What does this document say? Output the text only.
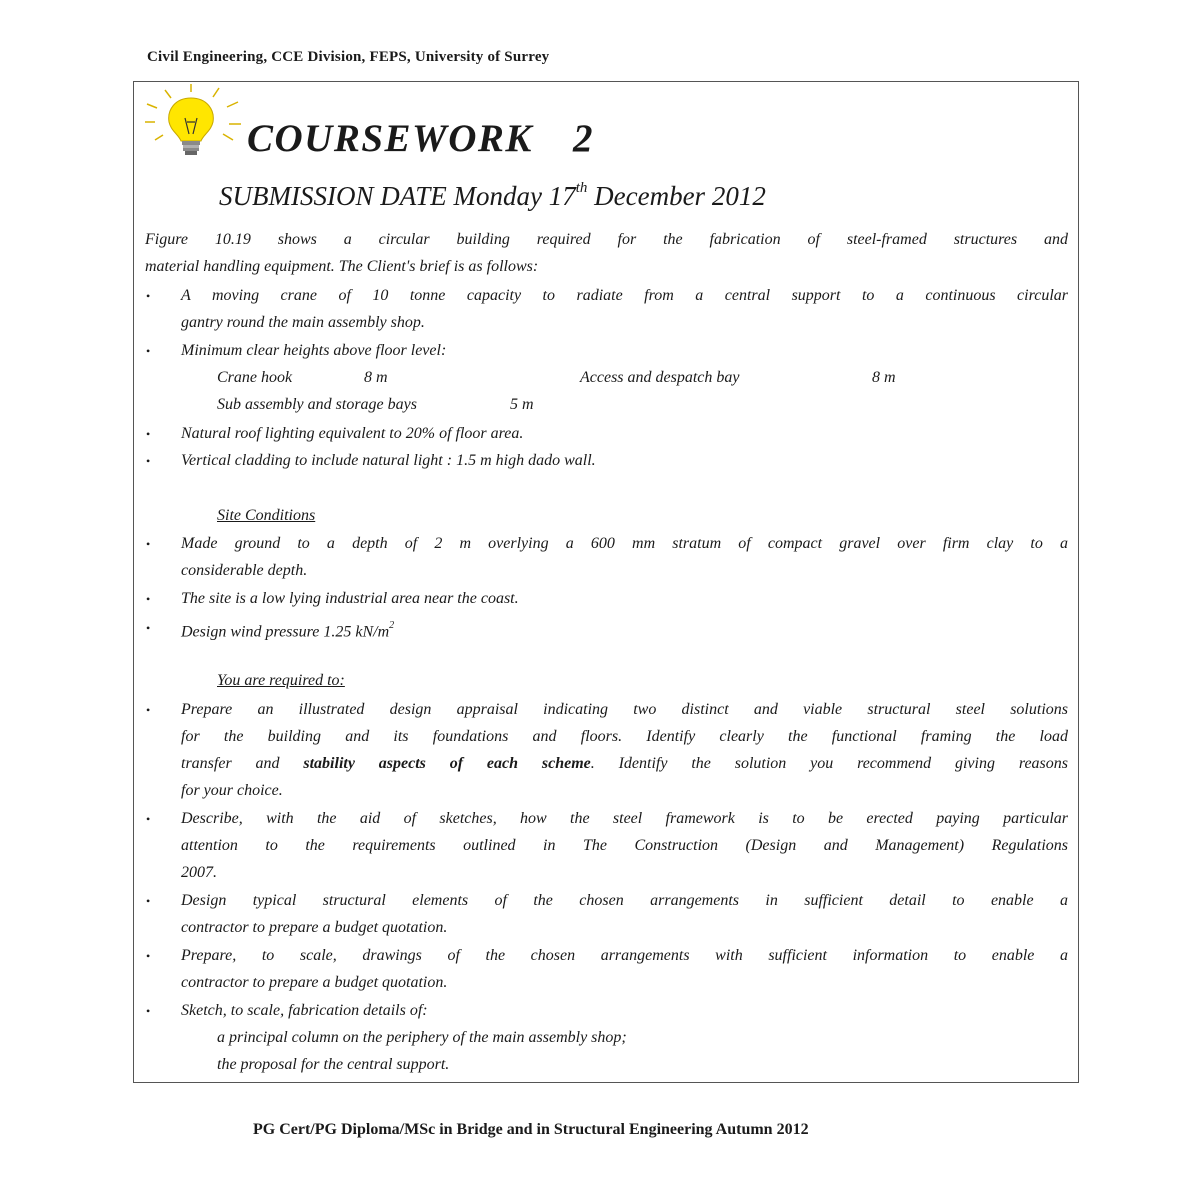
Civil Engineering, CCE Division, FEPS, University of Surrey
COURSEWORK 2
SUBMISSION DATE Monday 17th December 2012
Figure 10.19 shows a circular building required for the fabrication of steel-framed structures and
material handling equipment. The Client's brief is as follows:
• A moving crane of 10 tonne capacity to radiate from a central support to a continuous circular
gantry round the main assembly shop.
• Minimum clear heights above floor level:
Crane hook	8 m	Access and despatch bay	8 m
Sub assembly and storage bays	5 m
• Natural roof lighting equivalent to 20% of floor area.
• Vertical cladding to include natural light : 1.5 m high dado wall.
Site Conditions
• Made ground to a depth of 2 m overlying a 600 mm stratum of compact gravel over firm clay to a
considerable depth.
• The site is a low lying industrial area near the coast.
• Design wind pressure 1.25 $kN/m^2$
You are required to:
• Prepare an illustrated design appraisal indicating two distinct and viable structural steel solutions
for the building and its foundations and floors. Identify clearly the functional framing the load
transfer and stability aspects of each scheme. Identify the solution you recommend giving reasons
for your choice.
• Describe, with the aid of sketches, how the steel framework is to be erected paying particular
attention to the requirements outlined in The Construction (Design and Management) Regulations
2007.
• Design typical structural elements of the chosen arrangements in sufficient detail to enable a
contractor to prepare a budget quotation.
• Prepare, to scale, drawings of the chosen arrangements with sufficient information to enable a
contractor to prepare a budget quotation.
• Sketch, to scale, fabrication details of:
a principal column on the periphery of the main assembly shop;
the proposal for the central support.
PG Cert/PG Diploma/MSc in Bridge and in Structural Engineering Autumn 2012
